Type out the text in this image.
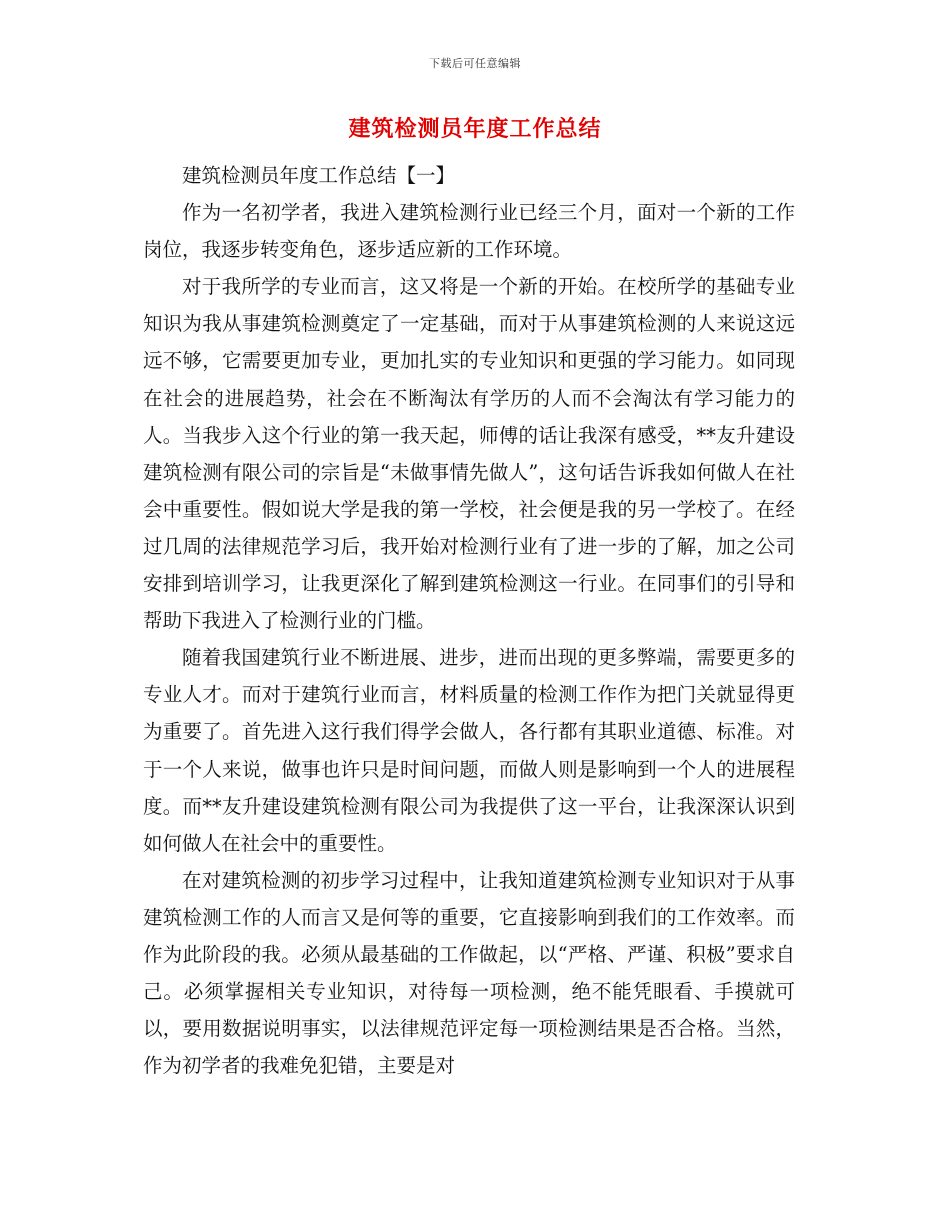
下载后可任意编辑
建筑检测员年度工作总结

建筑检测员年度工作总结【一】

作为一名初学者，我进入建筑检测行业已经三个月，面对一个新的工作岗位，我逐步转变角色，逐步适应新的工作环境。

对于我所学的专业而言，这又将是一个新的开始。在校所学的基础专业知识为我从事建筑检测奠定了一定基础，而对于从事建筑检测的人来说这远远不够，它需要更加专业，更加扎实的专业知识和更强的学习能力。如同现在社会的进展趋势，社会在不断淘汰有学历的人而不会淘汰有学习能力的人。当我步入这个行业的第一我天起，师傅的话让我深有感受，**友升建设建筑检测有限公司的宗旨是“未做事情先做人”，这句话告诉我如何做人在社会中重要性。假如说大学是我的第一学校，社会便是我的另一学校了。在经过几周的法律规范学习后，我开始对检测行业有了进一步的了解，加之公司安排到培训学习，让我更深化了解到建筑检测这一行业。在同事们的引导和帮助下我进入了检测行业的门槛。

随着我国建筑行业不断进展、进步，进而出现的更多弊端，需要更多的专业人才。而对于建筑行业而言，材料质量的检测工作作为把门关就显得更为重要了。首先进入这行我们得学会做人，各行都有其职业道德、标准。对于一个人来说，做事也许只是时间问题，而做人则是影响到一个人的进展程度。而**友升建设建筑检测有限公司为我提供了这一平台，让我深深认识到如何做人在社会中的重要性。

在对建筑检测的初步学习过程中，让我知道建筑检测专业知识对于从事建筑检测工作的人而言又是何等的重要，它直接影响到我们的工作效率。而作为此阶段的我。必须从最基础的工作做起，以“严格、严谨、积极”要求自己。必须掌握相关专业知识，对待每一项检测，绝不能凭眼看、手摸就可以，要用数据说明事实，以法律规范评定每一项检测结果是否合格。当然，作为初学者的我难免犯错，主要是对
